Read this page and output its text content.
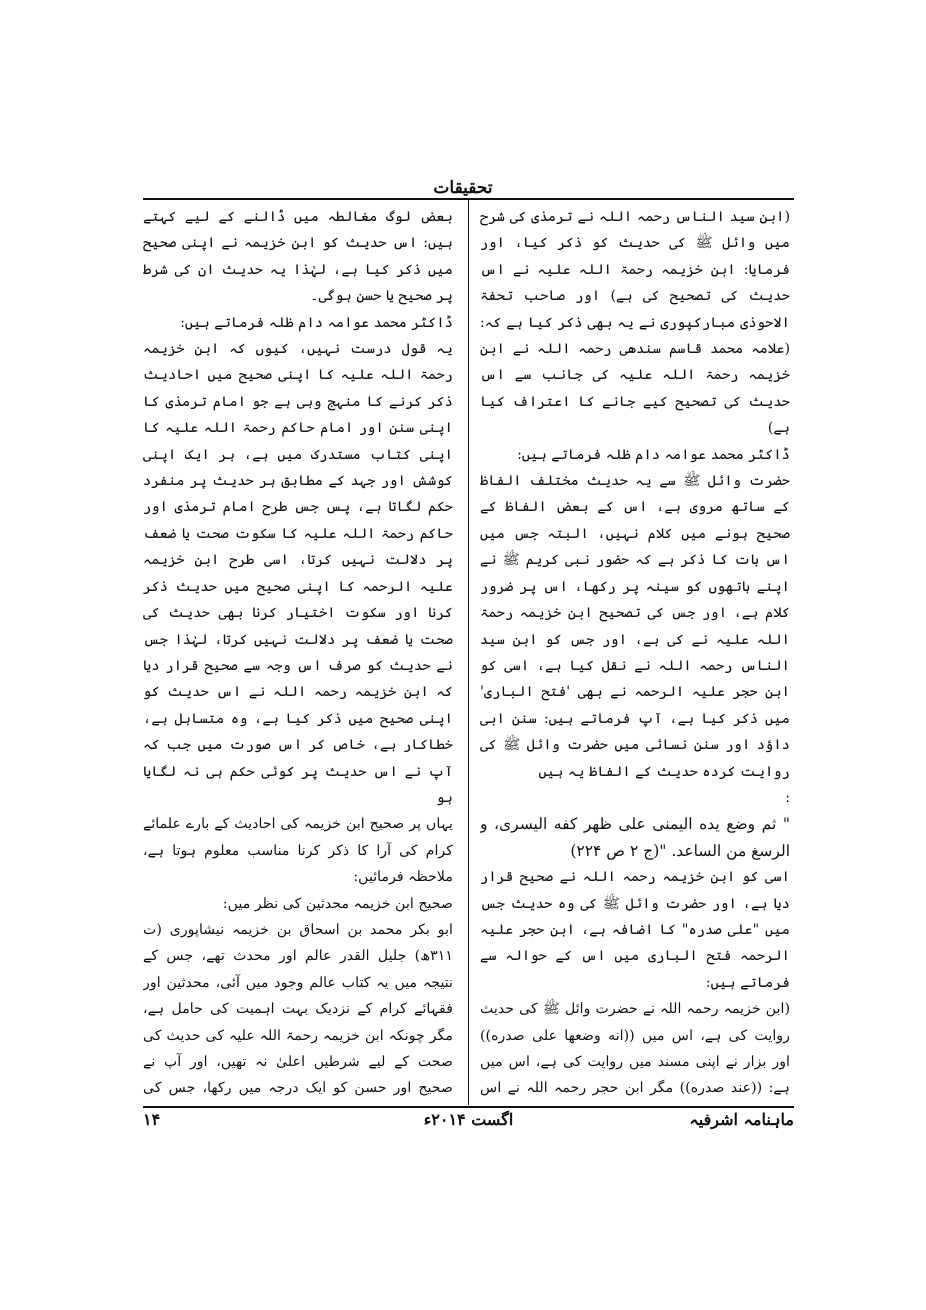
تحقیقات

(ابن سید الناس رحمہ اللہ نے ترمذی کی شرح میں وائل ﷺ کی حدیث کو ذکر کیا، اور فرمایا: ابن خزیمہ رحمۃ اللہ علیہ نے اس حدیث کی تصحیح کی ہے) اور صاحب تحفۃ الاحوذی مبارکپوری نے یہ بھی ذکر کیا ہے کہ: (علامہ محمد قاسم سندھی رحمہ اللہ نے ابن خزیمہ رحمۃ اللہ علیہ کی جانب سے اس حدیث کی تصحیح کیے جانے کا اعتراف کیا ہے)

ڈاکٹر محمد عوامہ دام ظلہ فرماتے ہیں:

حضرت وائل ﷺ سے یہ حدیث مختلف الفاظ کے ساتھ مروی ہے، اس کے بعض الفاظ کے صحیح ہونے میں کلام نہیں، البتہ جس میں اس بات کا ذکر ہے کہ حضور نبی کریم ﷺ نے اپنے ہاتھوں کو سینہ پر رکھا، اس پر ضرور کلام ہے، اور جس کی تصحیح ابن خزیمہ رحمۃ اللہ علیہ نے کی ہے، اور جس کو ابن سید الناس رحمہ اللہ نے نقل کیا ہے، اسی کو ابن حجر علیہ الرحمہ نے بھی 'فتح الباری' میں ذکر کیا ہے، آپ فرماتے ہیں: سنن ابی داؤد اور سنن نسائی میں حضرت وائل ﷺ کی روایت کردہ حدیث کے الفاظ یہ ہیں

:

" ثم وضع يده اليمنى على ظهر كفه اليسرى، و الرسغ من الساعد. "(ج ۲ ص ۲۲۴)

اسی کو ابن خزیمہ رحمہ اللہ نے صحیح قرار دیا ہے، اور حضرت وائل ﷺ کی وہ حدیث جس میں "على صدره" کا اضافہ ہے، ابن حجر علیہ الرحمہ فتح الباری میں اس کے حوالہ سے فرماتے ہیں:

(ابن خزیمہ رحمہ اللہ نے حضرت وائل ﷺ کی حدیث روایت کی ہے، اس میں ((انه وضعها على صدره)) اور بزار نے اپنی مسند میں روایت کی ہے، اس میں ہے: ((عند صدره)) مگر ابن حجر رحمہ اللہ نے اس

بعض لوگ مغالطہ میں ڈالنے کے لیے کہتے ہیں: اس حدیث کو ابن خزیمہ نے اپنی صحیح میں ذکر کیا ہے، لہٰذا یہ حدیث ان کی شرط پر صحیح یا حسن ہوگی۔

ڈاکٹر محمد عوامہ دام ظلہ فرماتے ہیں:

یہ قول درست نہیں، کیوں کہ ابن خزیمہ رحمۃ اللہ علیہ کا اپنی صحیح میں احادیث ذکر کرنے کا منہج وہی ہے جو امام ترمذی کا اپنی سنن اور امام حاکم رحمۃ اللہ علیہ کا اپنی کتاب مستدرک میں ہے، ہر ایک اپنی کوشش اور جہد کے مطابق ہر حدیث پر منفرد حکم لگاتا ہے، پس جس طرح امام ترمذی اور حاکم رحمۃ اللہ علیہ کا سکوت صحت یا ضعف پر دلالت نہیں کرتا، اسی طرح ابن خزیمہ علیہ الرحمہ کا اپنی صحیح میں حدیث ذکر کرنا اور سکوت اختیار کرنا بھی حدیث کی صحت یا ضعف پر دلالت نہیں کرتا، لہٰذا جس نے حدیث کو صرف اس وجہ سے صحیح قرار دیا کہ ابن خزیمہ رحمہ اللہ نے اس حدیث کو اپنی صحیح میں ذکر کیا ہے، وہ متساہل ہے، خطاکار ہے، خاص کر اس صورت میں جب کہ آپ نے اس حدیث پر کوئی حکم ہی نہ لگایا ہو

یہاں پر صحیح ابن خزیمہ کی احادیث کے بارے علمائے کرام کی آرا کا ذکر کرنا مناسب معلوم ہوتا ہے، ملاحظہ فرمائیں:

صحیح ابن خزیمہ محدثین کی نظر میں:

ابو بکر محمد بن اسحاق بن خزیمہ نیشاپوری (ت ۳۱۱ھ) جلیل القدر عالم اور محدث تھے، جس کے نتیجہ میں یہ کتاب عالم وجود میں آئی، محدثین اور فقہائے کرام کے نزدیک بہت اہمیت کی حامل ہے، مگر چونکہ ابن خزیمہ رحمۃ اللہ علیہ کی حدیث کی صحت کے لیے شرطیں اعلیٰ نہ تھیں، اور آپ نے صحیح اور حسن کو ایک درجہ میں رکھا، جس کی

ماہنامہ اشرفیہ
اگست ۲۰۱۴ء
۱۴
